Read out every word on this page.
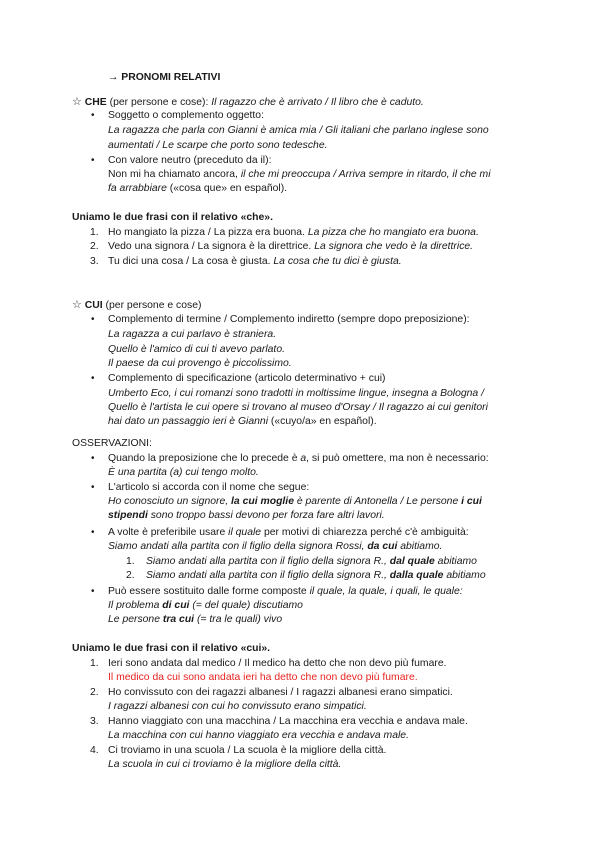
→ PRONOMI RELATIVI
☆ CHE (per persone e cose): Il ragazzo che è arrivato / Il libro che è caduto.
• Soggetto o complemento oggetto:
La ragazza che parla con Gianni è amica mia / Gli italiani che parlano inglese sono
aumentati / Le scarpe che porto sono tedesche.
• Con valore neutro (preceduto da il):
Non mi ha chiamato ancora, il che mi preoccupa / Arriva sempre in ritardo, il che mi
fa arrabbiare («cosa que» en español).
Uniamo le due frasi con il relativo «che».
1. Ho mangiato la pizza / La pizza era buona. La pizza che ho mangiato era buona.
2. Vedo una signora / La signora è la direttrice. La signora che vedo è la direttrice.
3. Tu dici una cosa / La cosa è giusta. La cosa che tu dici è giusta.
☆ CUI (per persone e cose)
• Complemento di termine / Complemento indiretto (sempre dopo preposizione):
La ragazza a cui parlavo è straniera.
Quello è l'amico di cui ti avevo parlato.
Il paese da cui provengo è piccolissimo.
• Complemento di specificazione (articolo determinativo + cui)
Umberto Eco, i cui romanzi sono tradotti in moltissime lingue, insegna a Bologna /
Quello è l'artista le cui opere si trovano al museo d'Orsay / Il ragazzo ai cui genitori
hai dato un passaggio ieri è Gianni («cuyo/a» en español).
OSSERVAZIONI:
• Quando la preposizione che lo precede è a, si può omettere, ma non è necessario:
È una partita (a) cui tengo molto.
• L'articolo si accorda con il nome che segue:
Ho conosciuto un signore, la cui moglie è parente di Antonella / Le persone i cui
stipendi sono troppo bassi devono per forza fare altri lavori.
• A volte è preferibile usare il quale per motivi di chiarezza perché c'è ambiguità:
Siamo andati alla partita con il figlio della signora Rossi, da cui abitiamo.
1. Siamo andati alla partita con il figlio della signora R., dal quale abitiamo
2. Siamo andati alla partita con il figlio della signora R., dalla quale abitiamo
• Può essere sostituito dalle forme composte il quale, la quale, i quali, le quale:
Il problema di cui (= del quale) discutiamo
Le persone tra cui (= tra le quali) vivo
Uniamo le due frasi con il relativo «cui».
1. Ieri sono andata dal medico / Il medico ha detto che non devo più fumare.
Il medico da cui sono andata ieri ha detto che non devo più fumare.
2. Ho convissuto con dei ragazzi albanesi / I ragazzi albanesi erano simpatici.
I ragazzi albanesi con cui ho convissuto erano simpatici.
3. Hanno viaggiato con una macchina / La macchina era vecchia e andava male.
La macchina con cui hanno viaggiato era vecchia e andava male.
4. Ci troviamo in una scuola / La scuola è la migliore della città.
La scuola in cui ci troviamo è la migliore della città.
